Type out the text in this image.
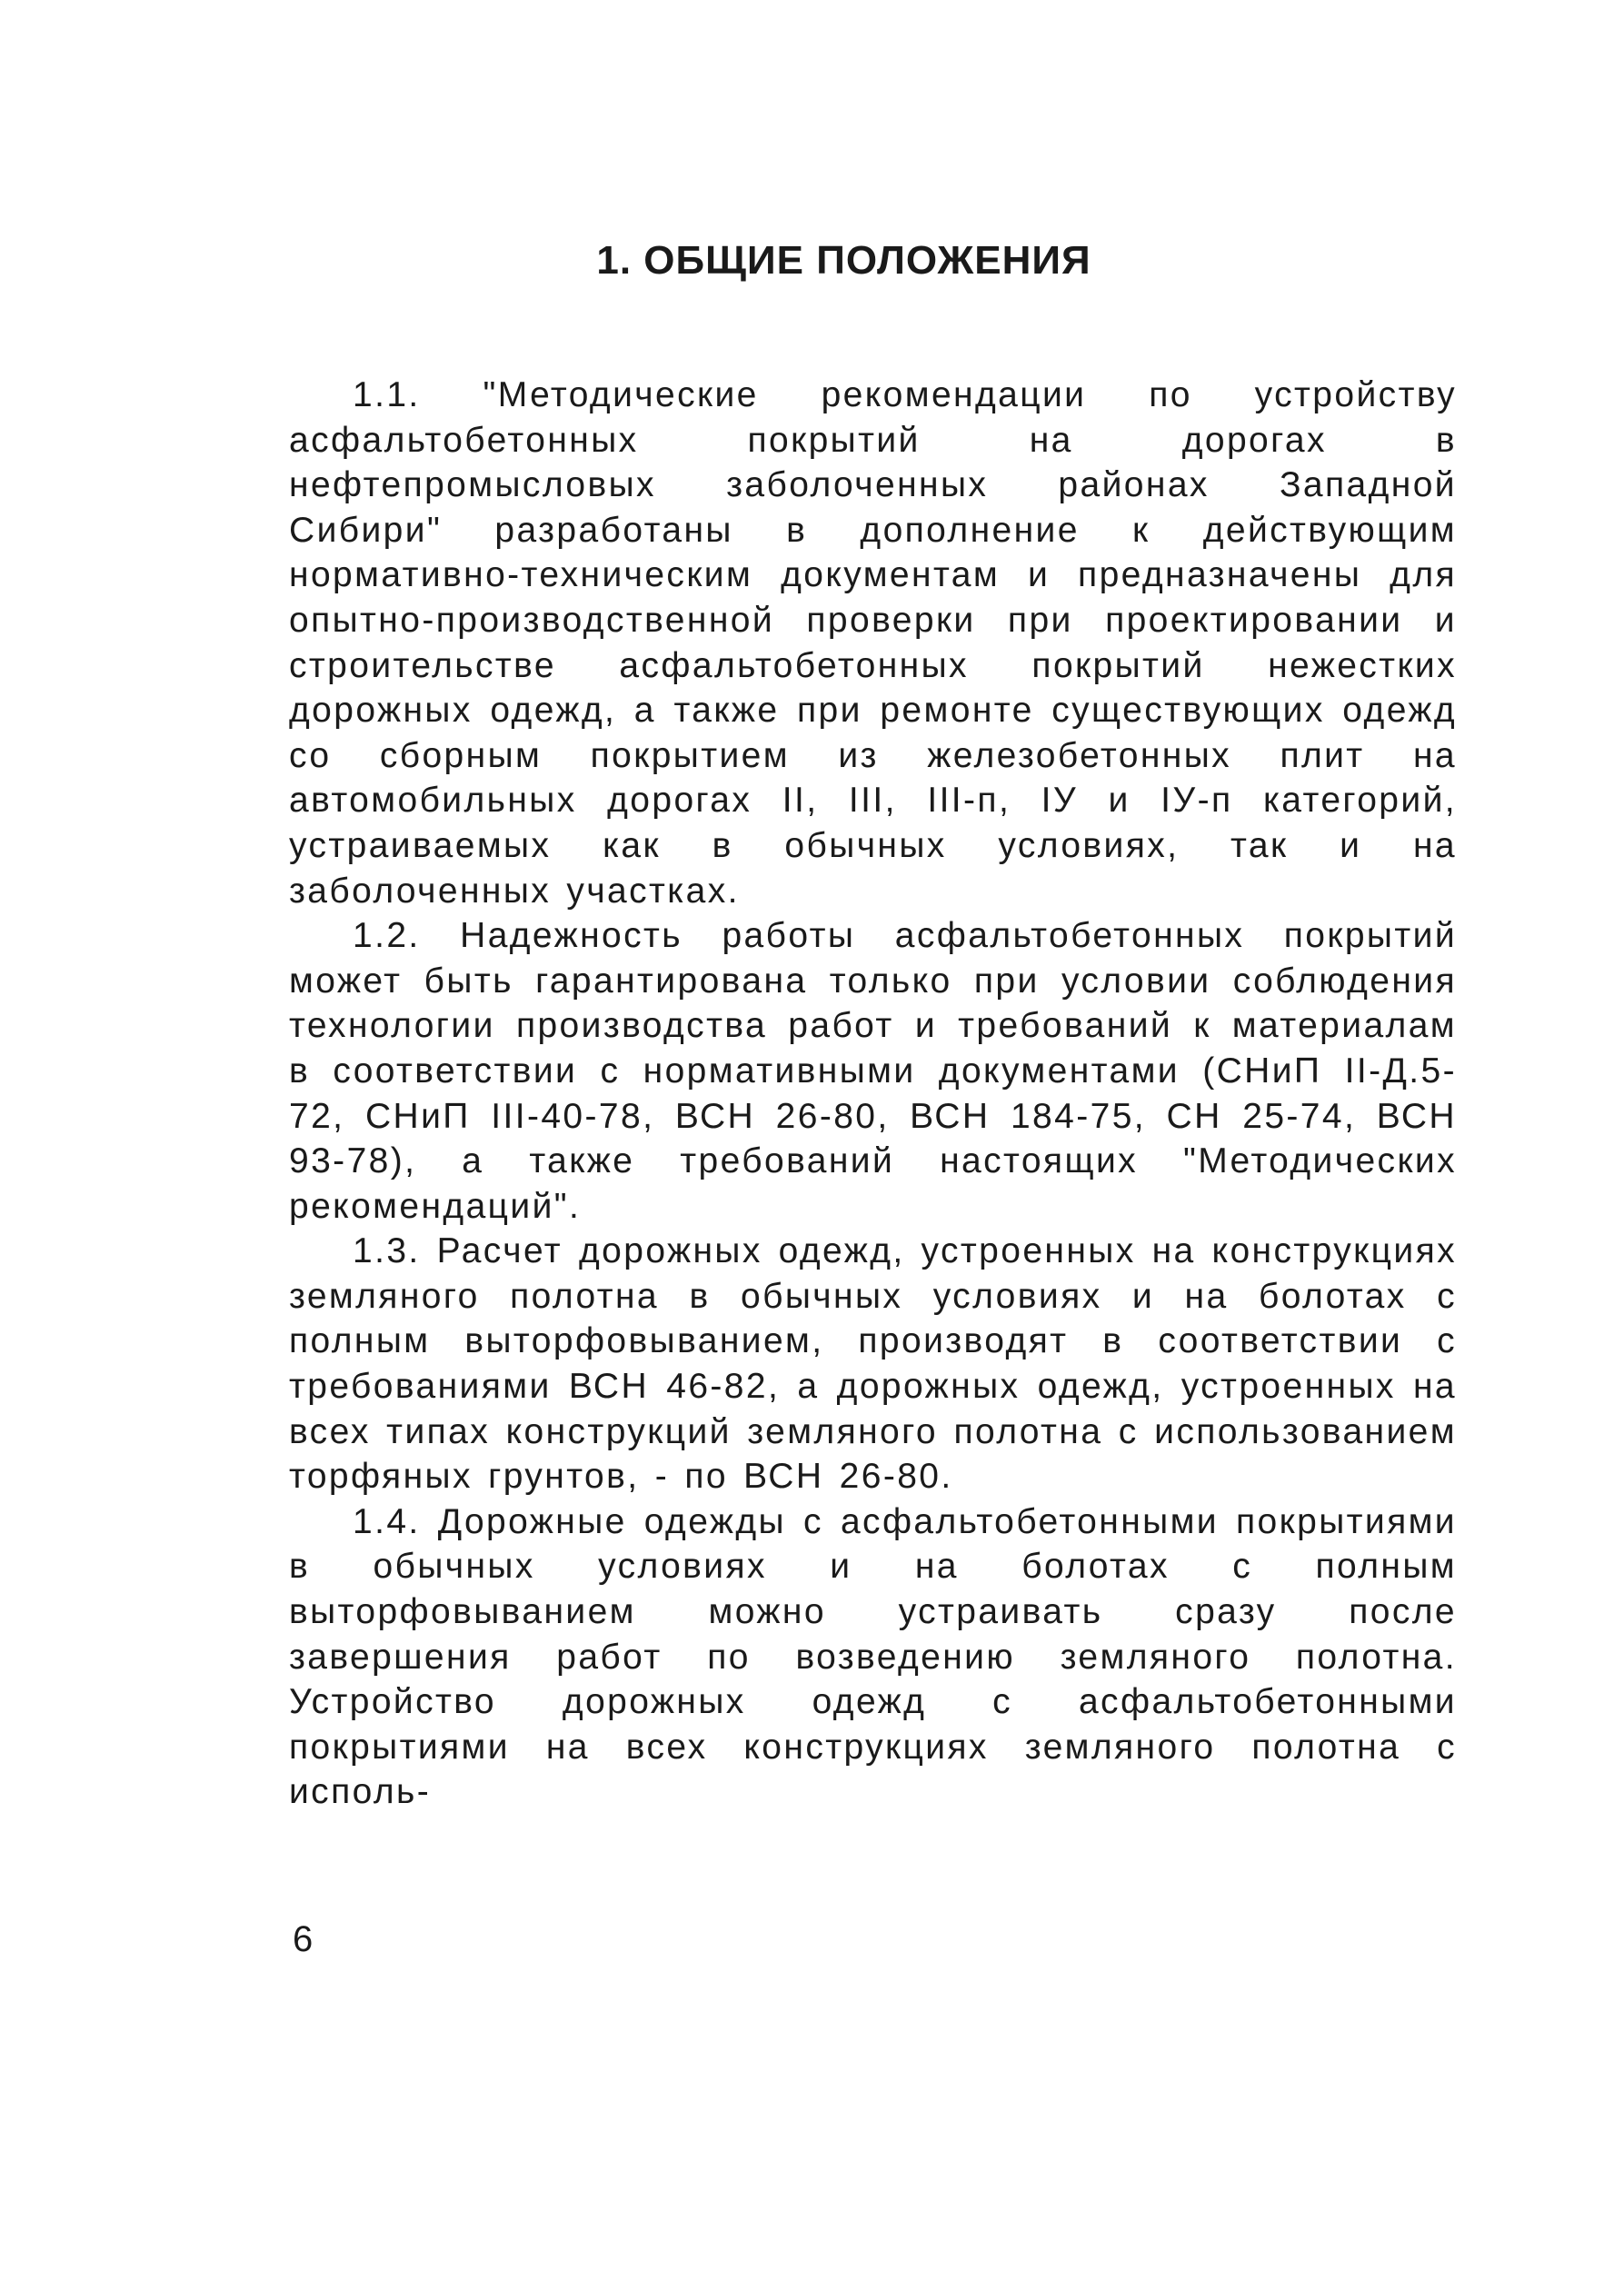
1. ОБЩИЕ ПОЛОЖЕНИЯ

1.1. "Методические рекомендации по устройству асфальтобетонных покрытий на дорогах в нефтепромысловых заболоченных районах Западной Сибири" разработаны в дополнение к действующим нормативно-техническим документам и предназначены для опытно-производственной проверки при проектировании и строительстве асфальтобетонных покрытий нежестких дорожных одежд, а также при ремонте существующих одежд со сборным покрытием из железобетонных плит на автомобильных дорогах II, III, III-п, IУ и IУ-п категорий, устраиваемых как в обычных условиях, так и на заболоченных участках.

1.2. Надежность работы асфальтобетонных покрытий может быть гарантирована только при условии соблюдения технологии производства работ и требований к материалам в соответствии с нормативными документами (СНиП II-Д.5-72, СНиП III-40-78, ВСН 26-80, ВСН 184-75, СН 25-74, ВСН 93-78), а также требований настоящих "Методических рекомендаций".

1.3. Расчет дорожных одежд, устроенных на конструкциях земляного полотна в обычных условиях и на болотах с полным выторфовыванием, производят в соответствии с требованиями ВСН 46-82, а дорожных одежд, устроенных на всех типах конструкций земляного полотна с использованием торфяных грунтов, - по ВСН 26-80.

1.4. Дорожные одежды с асфальтобетонными покрытиями в обычных условиях и на болотах с полным выторфовыванием можно устраивать сразу после завершения работ по возведению земляного полотна. Устройство дорожных одежд с асфальтобетонными покрытиями на всех конструкциях земляного полотна с исполь-

6
